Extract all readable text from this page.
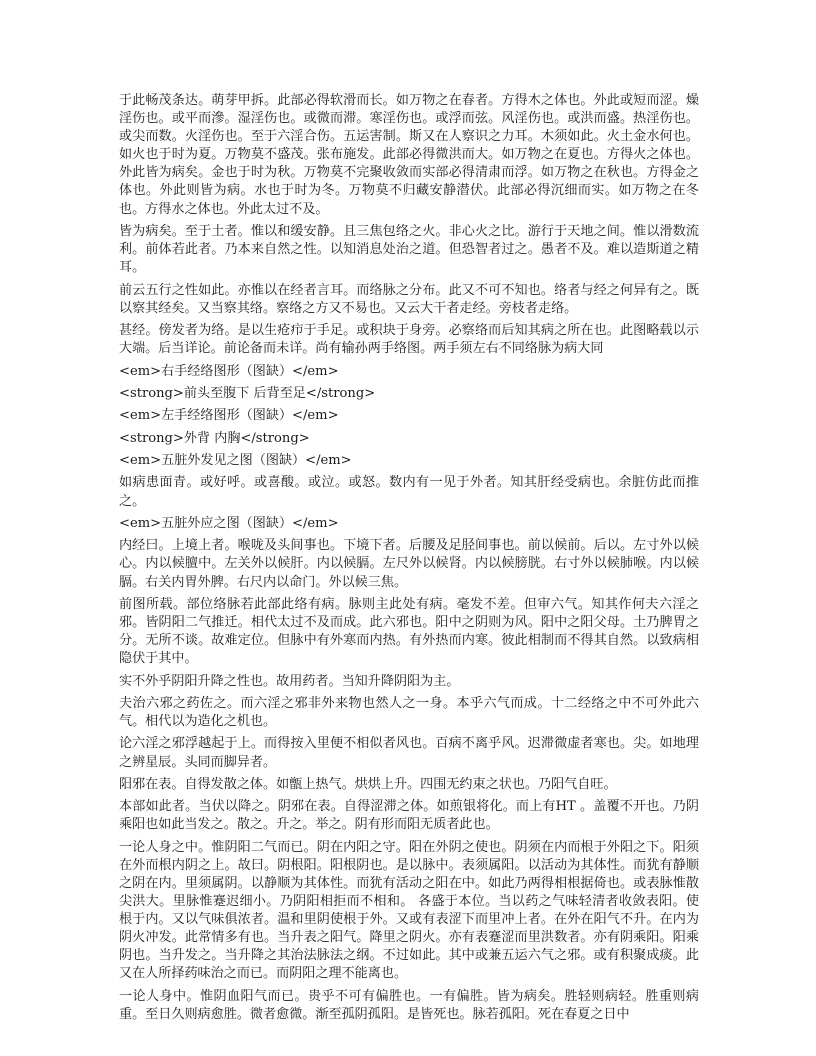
于此畅茂条达。萌芽甲拆。此部必得软滑而长。如万物之在春者。方得木之体也。外此或短而涩。燥淫伤也。或平而滲。湿淫伤也。或微而滞。寒淫伤也。或浮而弦。风淫伤也。或洪而盛。热淫伤也。或尖而数。火淫伤也。至于六淫合伤。五运害制。斯又在人察识之力耳。木须如此。火土金水何也。如火也于时为夏。万物莫不盛茂。张布施发。此部必得微洪而大。如万物之在夏也。方得火之体也。外此皆为病矣。金也于时为秋。万物莫不完聚收敛而实部必得清肃而浮。如万物之在秋也。方得金之体也。外此则皆为病。水也于时为冬。万物莫不归藏安静潜伏。此部必得沉细而实。如万物之在冬也。方得水之体也。外此太过不及。

皆为病矣。至于土者。惟以和缓安静。且三焦包络之火。非心火之比。游行于天地之间。惟以滑数流利。前体若此者。乃本来自然之性。以知消息处治之道。但恐智者过之。愚者不及。难以造斯道之精耳。

前云五行之性如此。亦惟以在经者言耳。而络脉之分布。此又不可不知也。络者与经之何异有之。既以察其经矣。又当察其络。察络之方又不易也。又云大干者走经。旁枝者走络。

甚经。傍发者为络。是以生疮疖于手足。或积块于身旁。必察络而后知其病之所在也。此图略载以示大端。后当详论。前论备而未详。尚有输孙两手络图。两手须左右不同络脉为病大同

<em>右手经络图形（图缺）</em>

<strong>前头至腹下 后背至足</strong>

<em>左手经络图形（图缺）</em>

<strong>外背 内胸</strong>

<em>五脏外发见之图（图缺）</em>

如病患面青。或好呼。或喜酸。或泣。或怒。数内有一见于外者。知其肝经受病也。余脏仿此而推之。

<em>五脏外应之图（图缺）</em>

内经曰。上境上者。喉咙及头间事也。下境下者。后腰及足胫间事也。前以候前。后以。左寸外以候心。内以候膻中。左关外以候肝。内以候膈。左尺外以候肾。内以候膀胱。右寸外以候肺喉。内以候膈。右关内胃外脾。右尺内以命门。外以候三焦。

前图所载。部位络脉若此部此络有病。脉则主此处有病。毫发不差。但审六气。知其作何夫六淫之邪。皆阴阳二气推迁。相代太过不及而成。此六邪也。阳中之阴则为风。阳中之阳父母。土乃脾胃之分。无所不谈。故难定位。但脉中有外寒而内热。有外热而内寒。彼此相制而不得其自然。以致病相隐伏于其中。

实不外乎阴阳升降之性也。故用药者。当知升降阴阳为主。

夫治六邪之药佐之。而六淫之邪非外来物也然人之一身。本乎六气而成。十二经络之中不可外此六气。相代以为造化之机也。

论六淫之邪浮越起于上。而得按入里便不相似者风也。百病不离乎风。迟滞微虚者寒也。尖。如地理之辨星辰。头同而脚异者。

阳邪在表。自得发散之体。如甑上热气。烘烘上升。四围无约束之状也。乃阳气自旺。

本部如此者。当伏以降之。阴邪在表。自得涩滞之体。如煎银将化。而上有HT 。盖覆不开也。乃阴乘阳也如此当发之。散之。升之。举之。阴有形而阳无质者此也。

一论人身之中。惟阴阳二气而已。阴在内阳之守。阳在外阴之使也。阴须在内而根于外阳之下。阳须在外而根内阴之上。故曰。阴根阳。阳根阴也。是以脉中。表须属阳。以活动为其体性。而犹有静顺之阴在内。里须属阴。以静顺为其体性。而犹有活动之阳在中。如此乃两得相根据倚也。或表脉惟散尖洪大。里脉惟蹇迟细小。乃阴阳相拒而不相和。 各盛于本位。当以药之气味轻清者收敛表阳。使根于内。又以气味俱浓者。温和里阴使根于外。又或有表涩下而里冲上者。在外在阳气不升。在内为阴火冲发。此常情多有也。当升表之阳气。降里之阴火。亦有表蹇涩而里洪数者。亦有阴乘阳。阳乘阴也。当升发之。当升降之其治法脉法之纲。不过如此。其中或兼五运六气之邪。或有积聚成痰。此又在人所择药味治之而已。而阴阳之理不能离也。

一论人身中。惟阴血阳气而已。贵乎不可有偏胜也。一有偏胜。皆为病矣。胜轻则病轻。胜重则病重。至日久则病愈胜。微者愈微。渐至孤阴孤阳。是皆死也。脉若孤阳。死在春夏之日中
